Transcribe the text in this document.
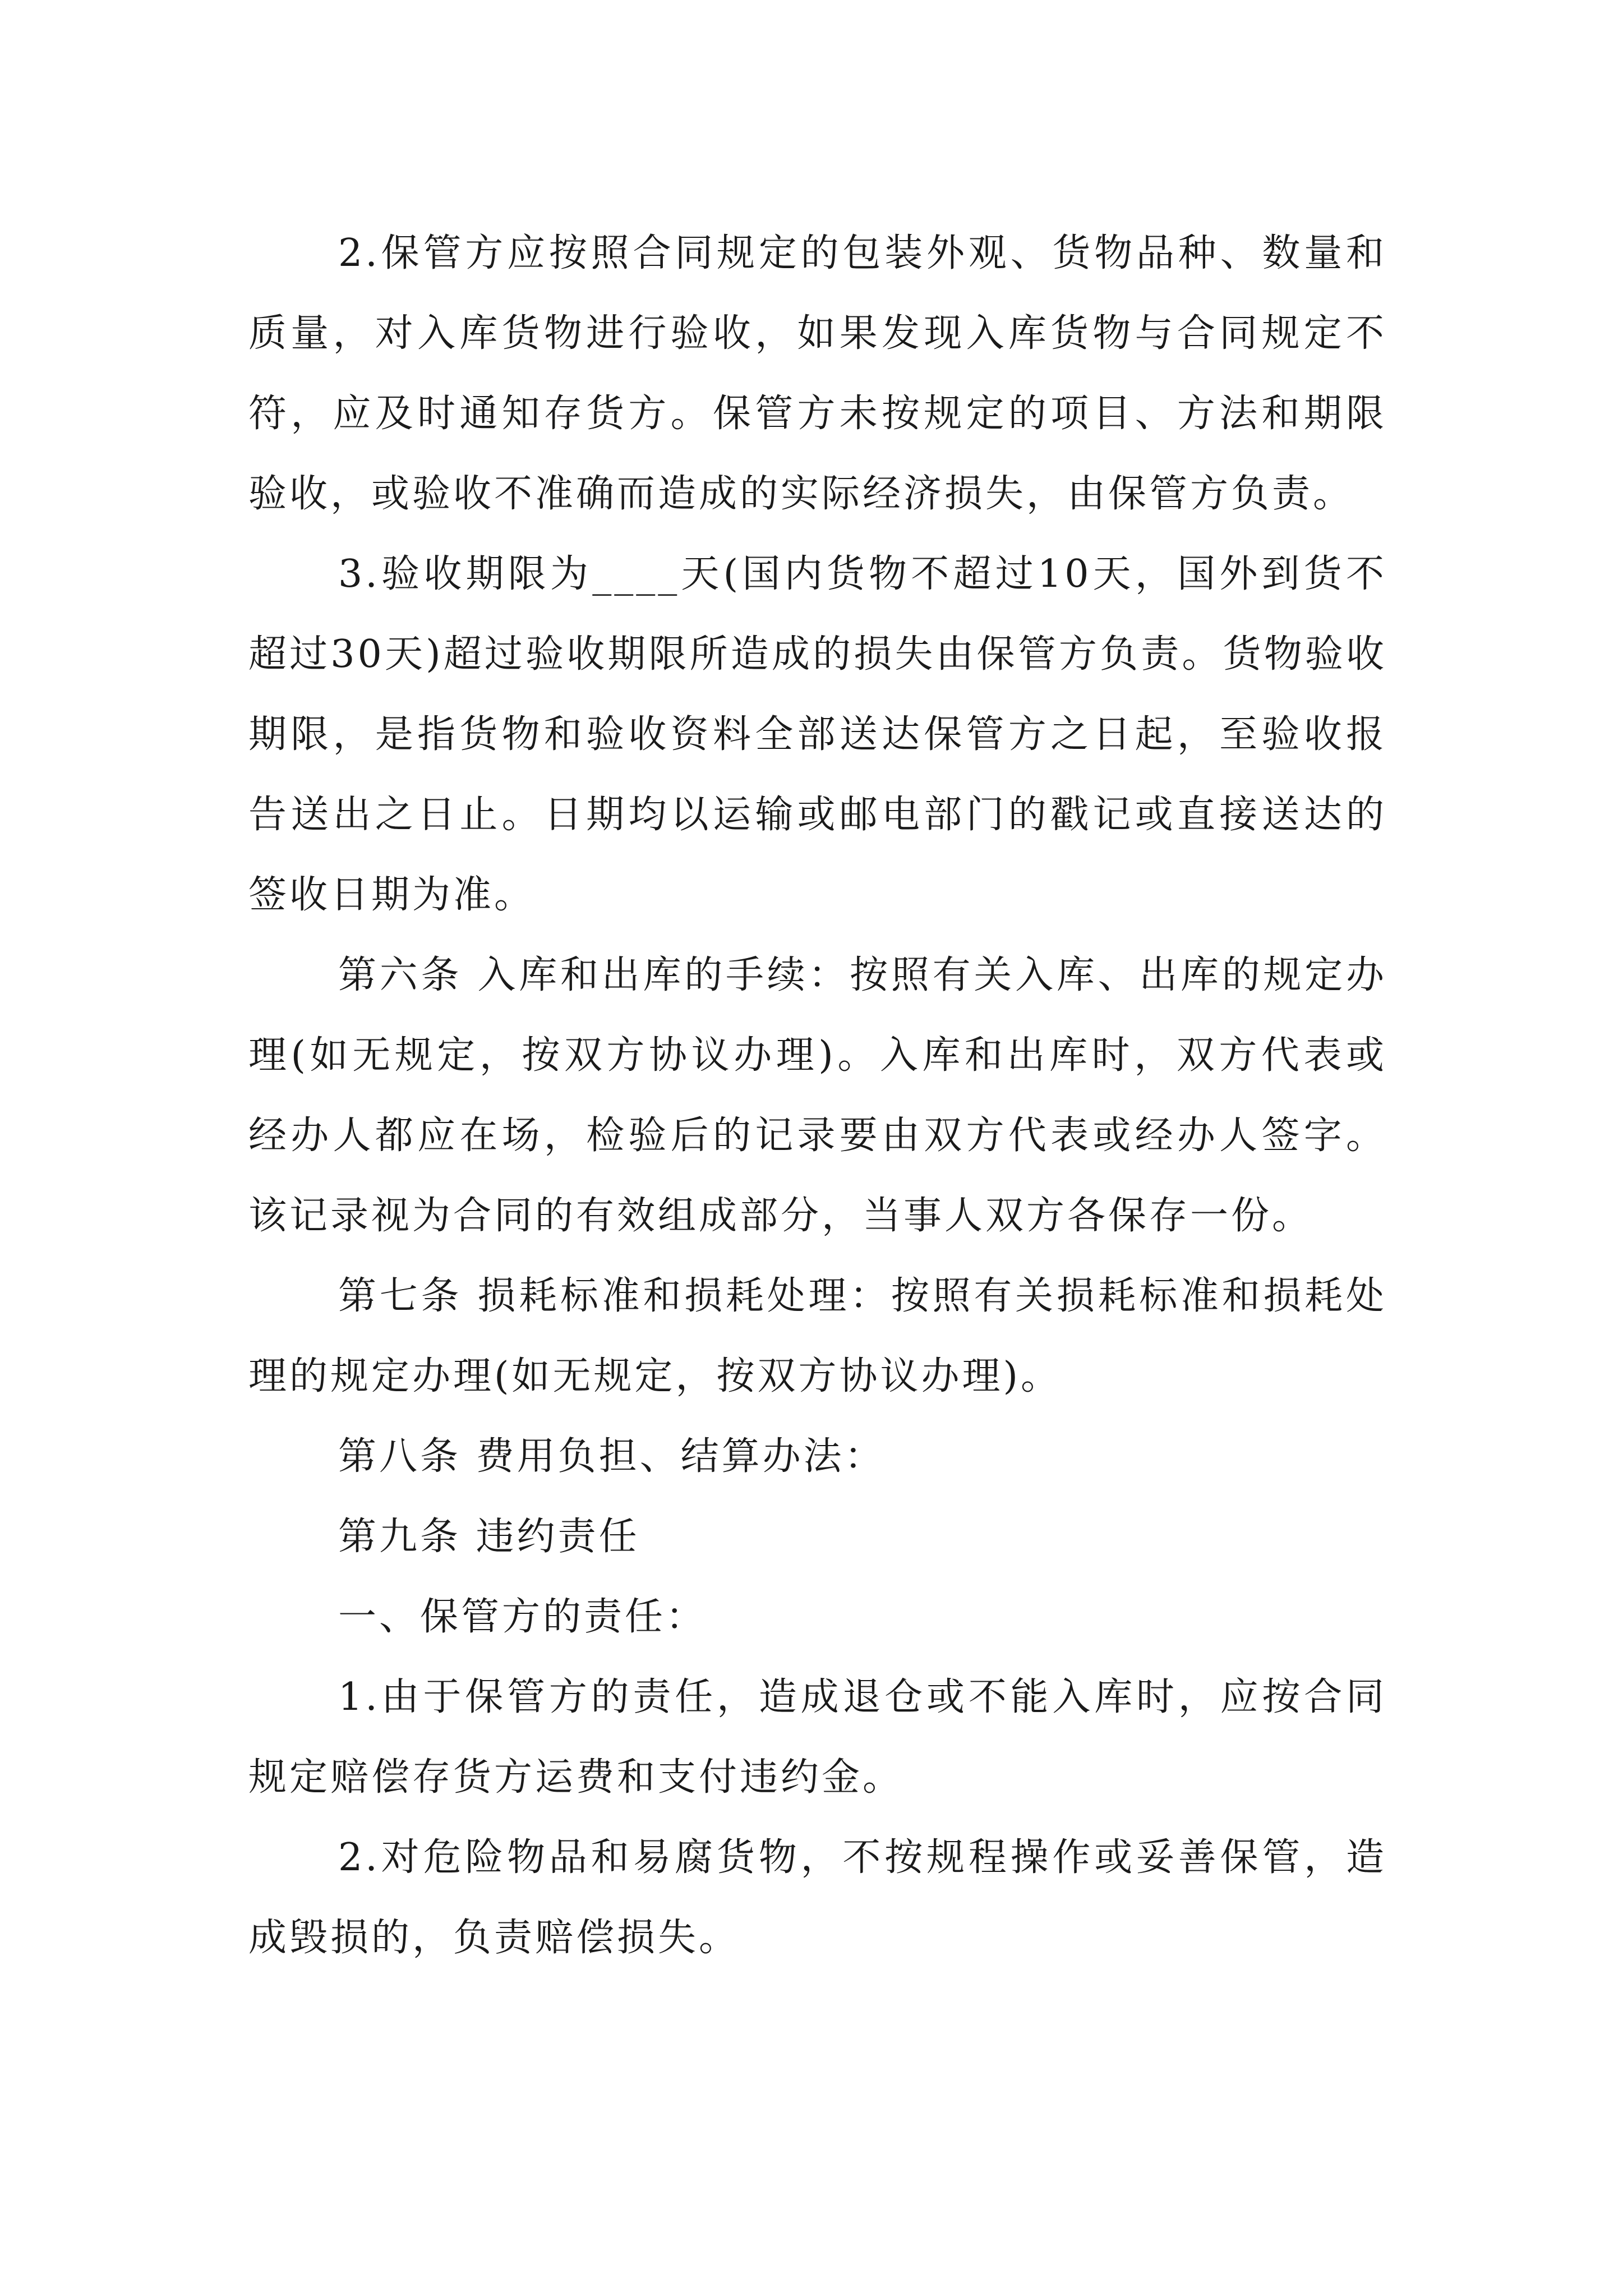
2.保管方应按照合同规定的包装外观、货物品种、数量和质量，对入库货物进行验收，如果发现入库货物与合同规定不符，应及时通知存货方。保管方未按规定的项目、方法和期限验收，或验收不准确而造成的实际经济损失，由保管方负责。

3.验收期限为____天(国内货物不超过10天，国外到货不超过30天)超过验收期限所造成的损失由保管方负责。货物验收期限，是指货物和验收资料全部送达保管方之日起，至验收报告送出之日止。日期均以运输或邮电部门的戳记或直接送达的签收日期为准。

第六条 入库和出库的手续：按照有关入库、出库的规定办理(如无规定，按双方协议办理)。入库和出库时，双方代表或经办人都应在场，检验后的记录要由双方代表或经办人签字。该记录视为合同的有效组成部分，当事人双方各保存一份。

第七条 损耗标准和损耗处理：按照有关损耗标准和损耗处理的规定办理(如无规定，按双方协议办理)。

第八条 费用负担、结算办法：

第九条 违约责任

一、保管方的责任：

1.由于保管方的责任，造成退仓或不能入库时，应按合同规定赔偿存货方运费和支付违约金。

2.对危险物品和易腐货物，不按规程操作或妥善保管，造成毁损的，负责赔偿损失。
